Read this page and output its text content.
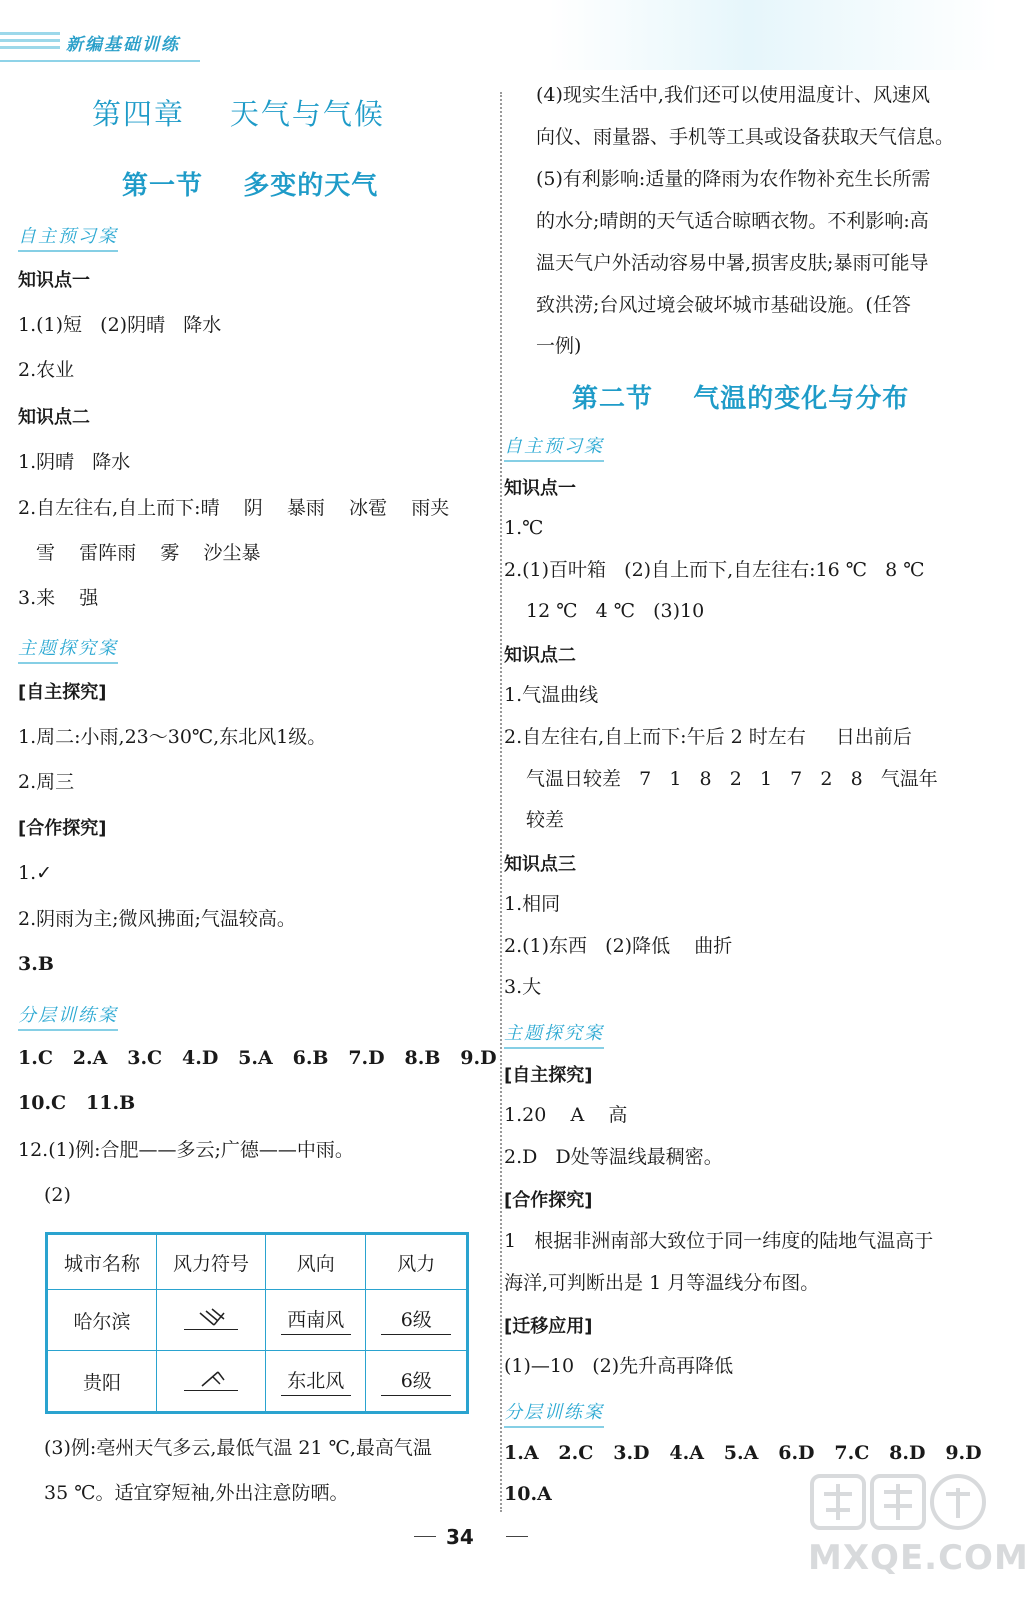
新编基础训练
第四章    天气与气候
第一节    多变的天气
自主预习案
知识点一
1.(1)短   (2)阴晴   降水
2.农业
知识点二
1.阴晴   降水
2.自左往右,自上而下:晴    阴    暴雨    冰雹    雨夹
雪    雷阵雨    雾    沙尘暴
3.来    强
主题探究案
[自主探究]
1.周二:小雨,23～30℃,东北风1级。
2.周三
[合作探究]
1.✓
2.阴雨为主;微风拂面;气温较高。
3.B
分层训练案
1.C   2.A   3.C   4.D   5.A   6.B   7.D   8.B   9.D
10.C   11.B
12.(1)例:合肥——多云;广德——中雨。
(2)
城市名称	风力符号	风向	风力
哈尔滨		西南风	6级
贵阳		东北风	6级
(3)例:亳州天气多云,最低气温 21 ℃,最高气温
35 ℃。适宜穿短袖,外出注意防晒。
(4)现实生活中,我们还可以使用温度计、风速风
向仪、雨量器、手机等工具或设备获取天气信息。
(5)有利影响:适量的降雨为农作物补充生长所需
的水分;晴朗的天气适合晾晒衣物。不利影响:高
温天气户外活动容易中暑,损害皮肤;暴雨可能导
致洪涝;台风过境会破坏城市基础设施。(任答
一例)
第二节    气温的变化与分布
自主预习案
知识点一
1.℃
2.(1)百叶箱   (2)自上而下,自左往右:16 ℃   8 ℃
12 ℃   4 ℃   (3)10
知识点二
1.气温曲线
2.自左往右,自上而下:午后 2 时左右     日出前后
气温日较差   7   1   8   2   1   7   2   8   气温年
较差
知识点三
1.相同
2.(1)东西   (2)降低    曲折
3.大
主题探究案
[自主探究]
1.20    A    高
2.D   D处等温线最稠密。
[合作探究]
1   根据非洲南部大致位于同一纬度的陆地气温高于
海洋,可判断出是 1 月等温线分布图。
[迁移应用]
(1)—10   (2)先升高再降低
分层训练案
1.A   2.C   3.D   4.A   5.A   6.D   7.C   8.D   9.D
10.A
34
MXQE.COM
